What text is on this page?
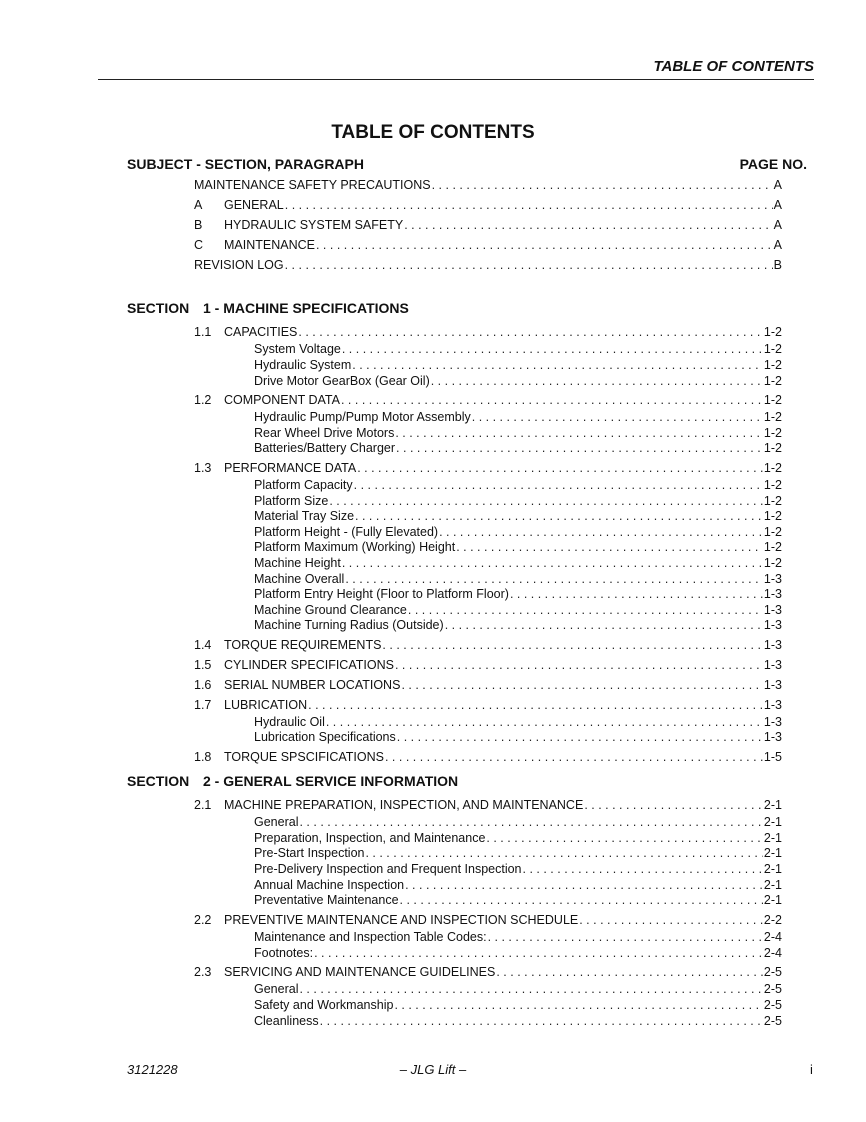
TABLE OF CONTENTS
TABLE OF CONTENTS
SUBJECT - SECTION, PARAGRAPH	PAGE NO.
MAINTENANCE SAFETY PRECAUTIONS . . .	A
A	GENERAL . . .	A
B	HYDRAULIC SYSTEM SAFETY . . .	A
C	MAINTENANCE . . .	A
REVISION LOG . . .	B
SECTION 1 - MACHINE SPECIFICATIONS
1.1	CAPACITIES . . .	1-2
System Voltage . . .	1-2
Hydraulic System . . .	1-2
Drive Motor GearBox (Gear Oil) . . .	1-2
1.2	COMPONENT DATA . . .	1-2
Hydraulic Pump/Pump Motor Assembly . . .	1-2
Rear Wheel Drive Motors . . .	1-2
Batteries/Battery Charger . . .	1-2
1.3	PERFORMANCE DATA . . .	1-2
Platform Capacity . . .	1-2
Platform Size . . .	1-2
Material Tray Size . . .	1-2
Platform Height - (Fully Elevated) . . .	1-2
Platform Maximum (Working) Height . . .	1-2
Machine Height . . .	1-2
Machine Overall . . .	1-3
Platform Entry Height (Floor to Platform Floor) . . .	1-3
Machine Ground Clearance . . .	1-3
Machine Turning Radius (Outside) . . .	1-3
1.4	TORQUE REQUIREMENTS . . .	1-3
1.5	CYLINDER SPECIFICATIONS . . .	1-3
1.6	SERIAL NUMBER LOCATIONS . . .	1-3
1.7	LUBRICATION . . .	1-3
Hydraulic Oil . . .	1-3
Lubrication Specifications . . .	1-3
1.8	TORQUE SPSCIFICATIONS . . .	1-5
SECTION 2 - GENERAL SERVICE INFORMATION
2.1	MACHINE PREPARATION, INSPECTION, AND MAINTENANCE . . .	2-1
General . . .	2-1
Preparation, Inspection, and Maintenance . . .	2-1
Pre-Start Inspection . . .	2-1
Pre-Delivery Inspection and Frequent Inspection . . .	2-1
Annual Machine Inspection . . .	2-1
Preventative Maintenance . . .	2-1
2.2	PREVENTIVE MAINTENANCE AND INSPECTION SCHEDULE . . .	2-2
Maintenance and Inspection Table Codes: . . .	2-4
Footnotes: . . .	2-4
2.3	SERVICING AND MAINTENANCE GUIDELINES . . .	2-5
General . . .	2-5
Safety and Workmanship . . .	2-5
Cleanliness . . .	2-5
3121228	– JLG Lift –	i
